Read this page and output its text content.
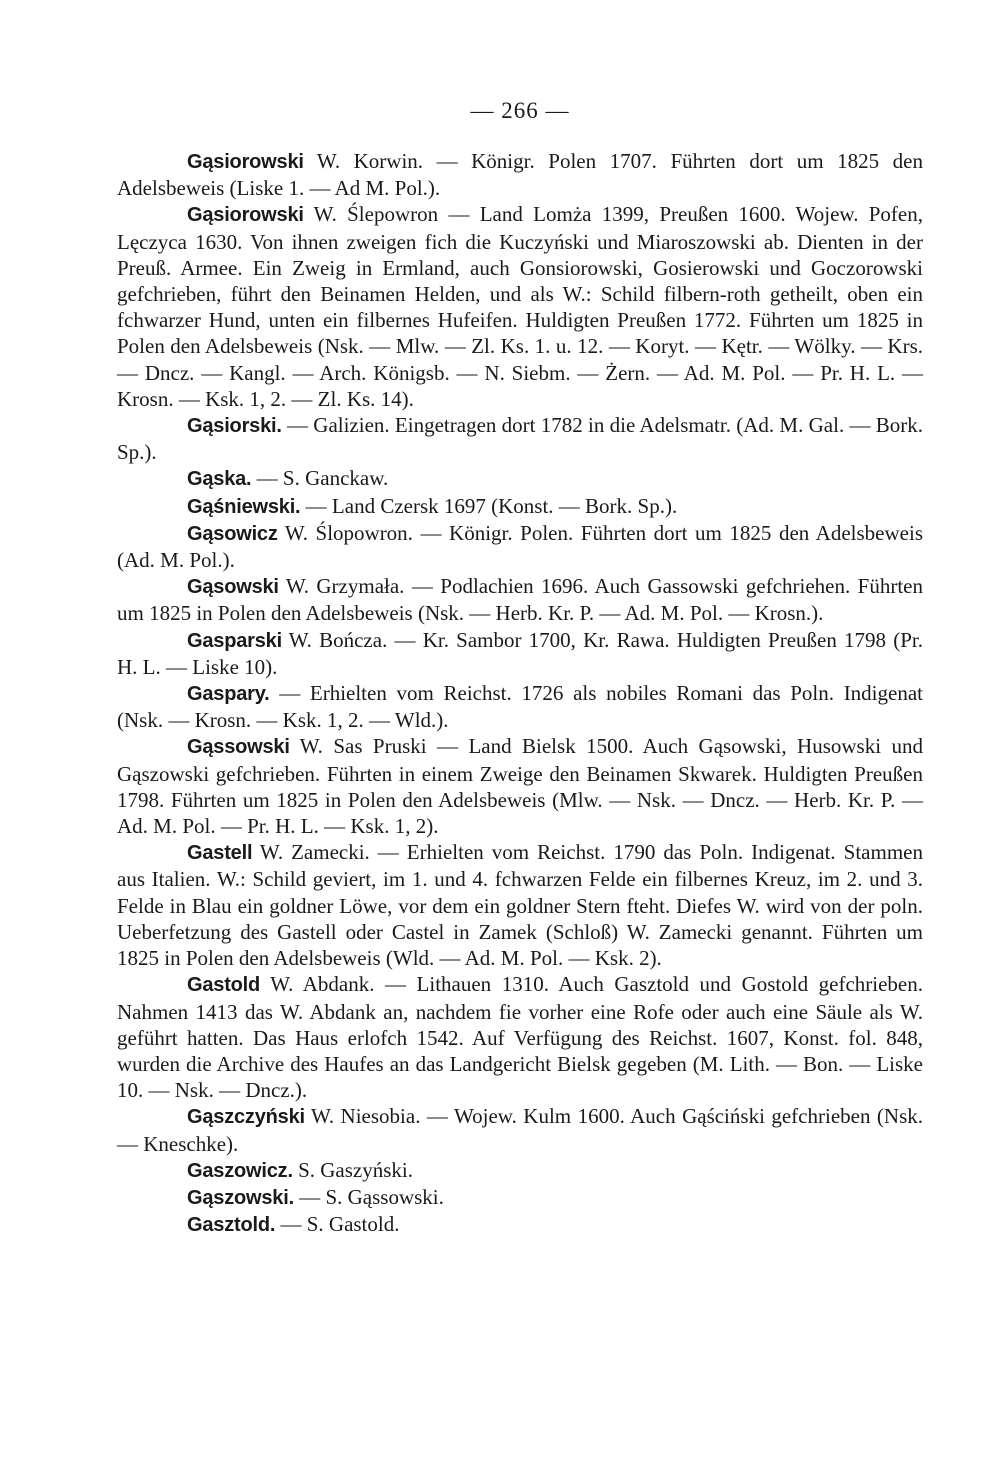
— 266 —

Gąsiorowski W. Korwin. — Königr. Polen 1707. Führten dort um 1825 den Adelsbeweis (Liske 1. — Ad M. Pol.).

Gąsiorowski W. Ślepowron — Land Lomża 1399, Preußen 1600. Wojew. Pofen, Lęczyca 1630. Von ihnen zweigen fich die Kuczyński und Miaroszowski ab. Dienten in der Preuß. Armee. Ein Zweig in Ermland, auch Gonsiorowski, Gosierowski und Goczorowski gefchrieben, führt den Beinamen Helden, und als W.: Schild filbern-roth getheilt, oben ein fchwarzer Hund, unten ein filbernes Hufeifen. Huldigten Preußen 1772. Führten um 1825 in Polen den Adelsbeweis (Nsk. — Mlw. — Zl. Ks. 1. u. 12. — Koryt. — Kętr. — Wölky. — Krs. — Dncz. — Kangl. — Arch. Königsb. — N. Siebm. — Żern. — Ad. M. Pol. — Pr. H. L. — Krosn. — Ksk. 1, 2. — Zl. Ks. 14).

Gąsiorski. — Galizien. Eingetragen dort 1782 in die Adelsmatr. (Ad. M. Gal. — Bork. Sp.).

Gąska. — S. Ganckaw.

Gąśniewski. — Land Czersk 1697 (Konst. — Bork. Sp.).

Gąsowicz W. Ślopowron. — Königr. Polen. Führten dort um 1825 den Adelsbeweis (Ad. M. Pol.).

Gąsowski W. Grzymała. — Podlachien 1696. Auch Gassowski gefchriehen. Führten um 1825 in Polen den Adelsbeweis (Nsk. — Herb. Kr. P. — Ad. M. Pol. — Krosn.).

Gasparski W. Bończa. — Kr. Sambor 1700, Kr. Rawa. Huldigten Preußen 1798 (Pr. H. L. — Liske 10).

Gaspary. — Erhielten vom Reichst. 1726 als nobiles Romani das Poln. Indigenat (Nsk. — Krosn. — Ksk. 1, 2. — Wld.).

Gąssowski W. Sas Pruski — Land Bielsk 1500. Auch Gąsowski, Husowski und Gąszowski gefchrieben. Führten in einem Zweige den Beinamen Skwarek. Huldigten Preußen 1798. Führten um 1825 in Polen den Adelsbeweis (Mlw. — Nsk. — Dncz. — Herb. Kr. P. — Ad. M. Pol. — Pr. H. L. — Ksk. 1, 2).

Gastell W. Zamecki. — Erhielten vom Reichst. 1790 das Poln. Indigenat. Stammen aus Italien. W.: Schild geviert, im 1. und 4. fchwarzen Felde ein filbernes Kreuz, im 2. und 3. Felde in Blau ein goldner Löwe, vor dem ein goldner Stern fteht. Diefes W. wird von der poln. Ueberfetzung des Gastell oder Castel in Zamek (Schloß) W. Zamecki genannt. Führten um 1825 in Polen den Adelsbeweis (Wld. — Ad. M. Pol. — Ksk. 2).

Gastold W. Abdank. — Lithauen 1310. Auch Gasztold und Gostold gefchrieben. Nahmen 1413 das W. Abdank an, nachdem fie vorher eine Rofe oder auch eine Säule als W. geführt hatten. Das Haus erlofch 1542. Auf Verfügung des Reichst. 1607, Konst. fol. 848, wurden die Archive des Haufes an das Landgericht Bielsk gegeben (M. Lith. — Bon. — Liske 10. — Nsk. — Dncz.).

Gąszczyński W. Niesobia. — Wojew. Kulm 1600. Auch Gąściński gefchrieben (Nsk. — Kneschke).

Gaszowicz. S. Gaszyński.

Gąszowski. — S. Gąssowski.

Gasztold. — S. Gastold.
